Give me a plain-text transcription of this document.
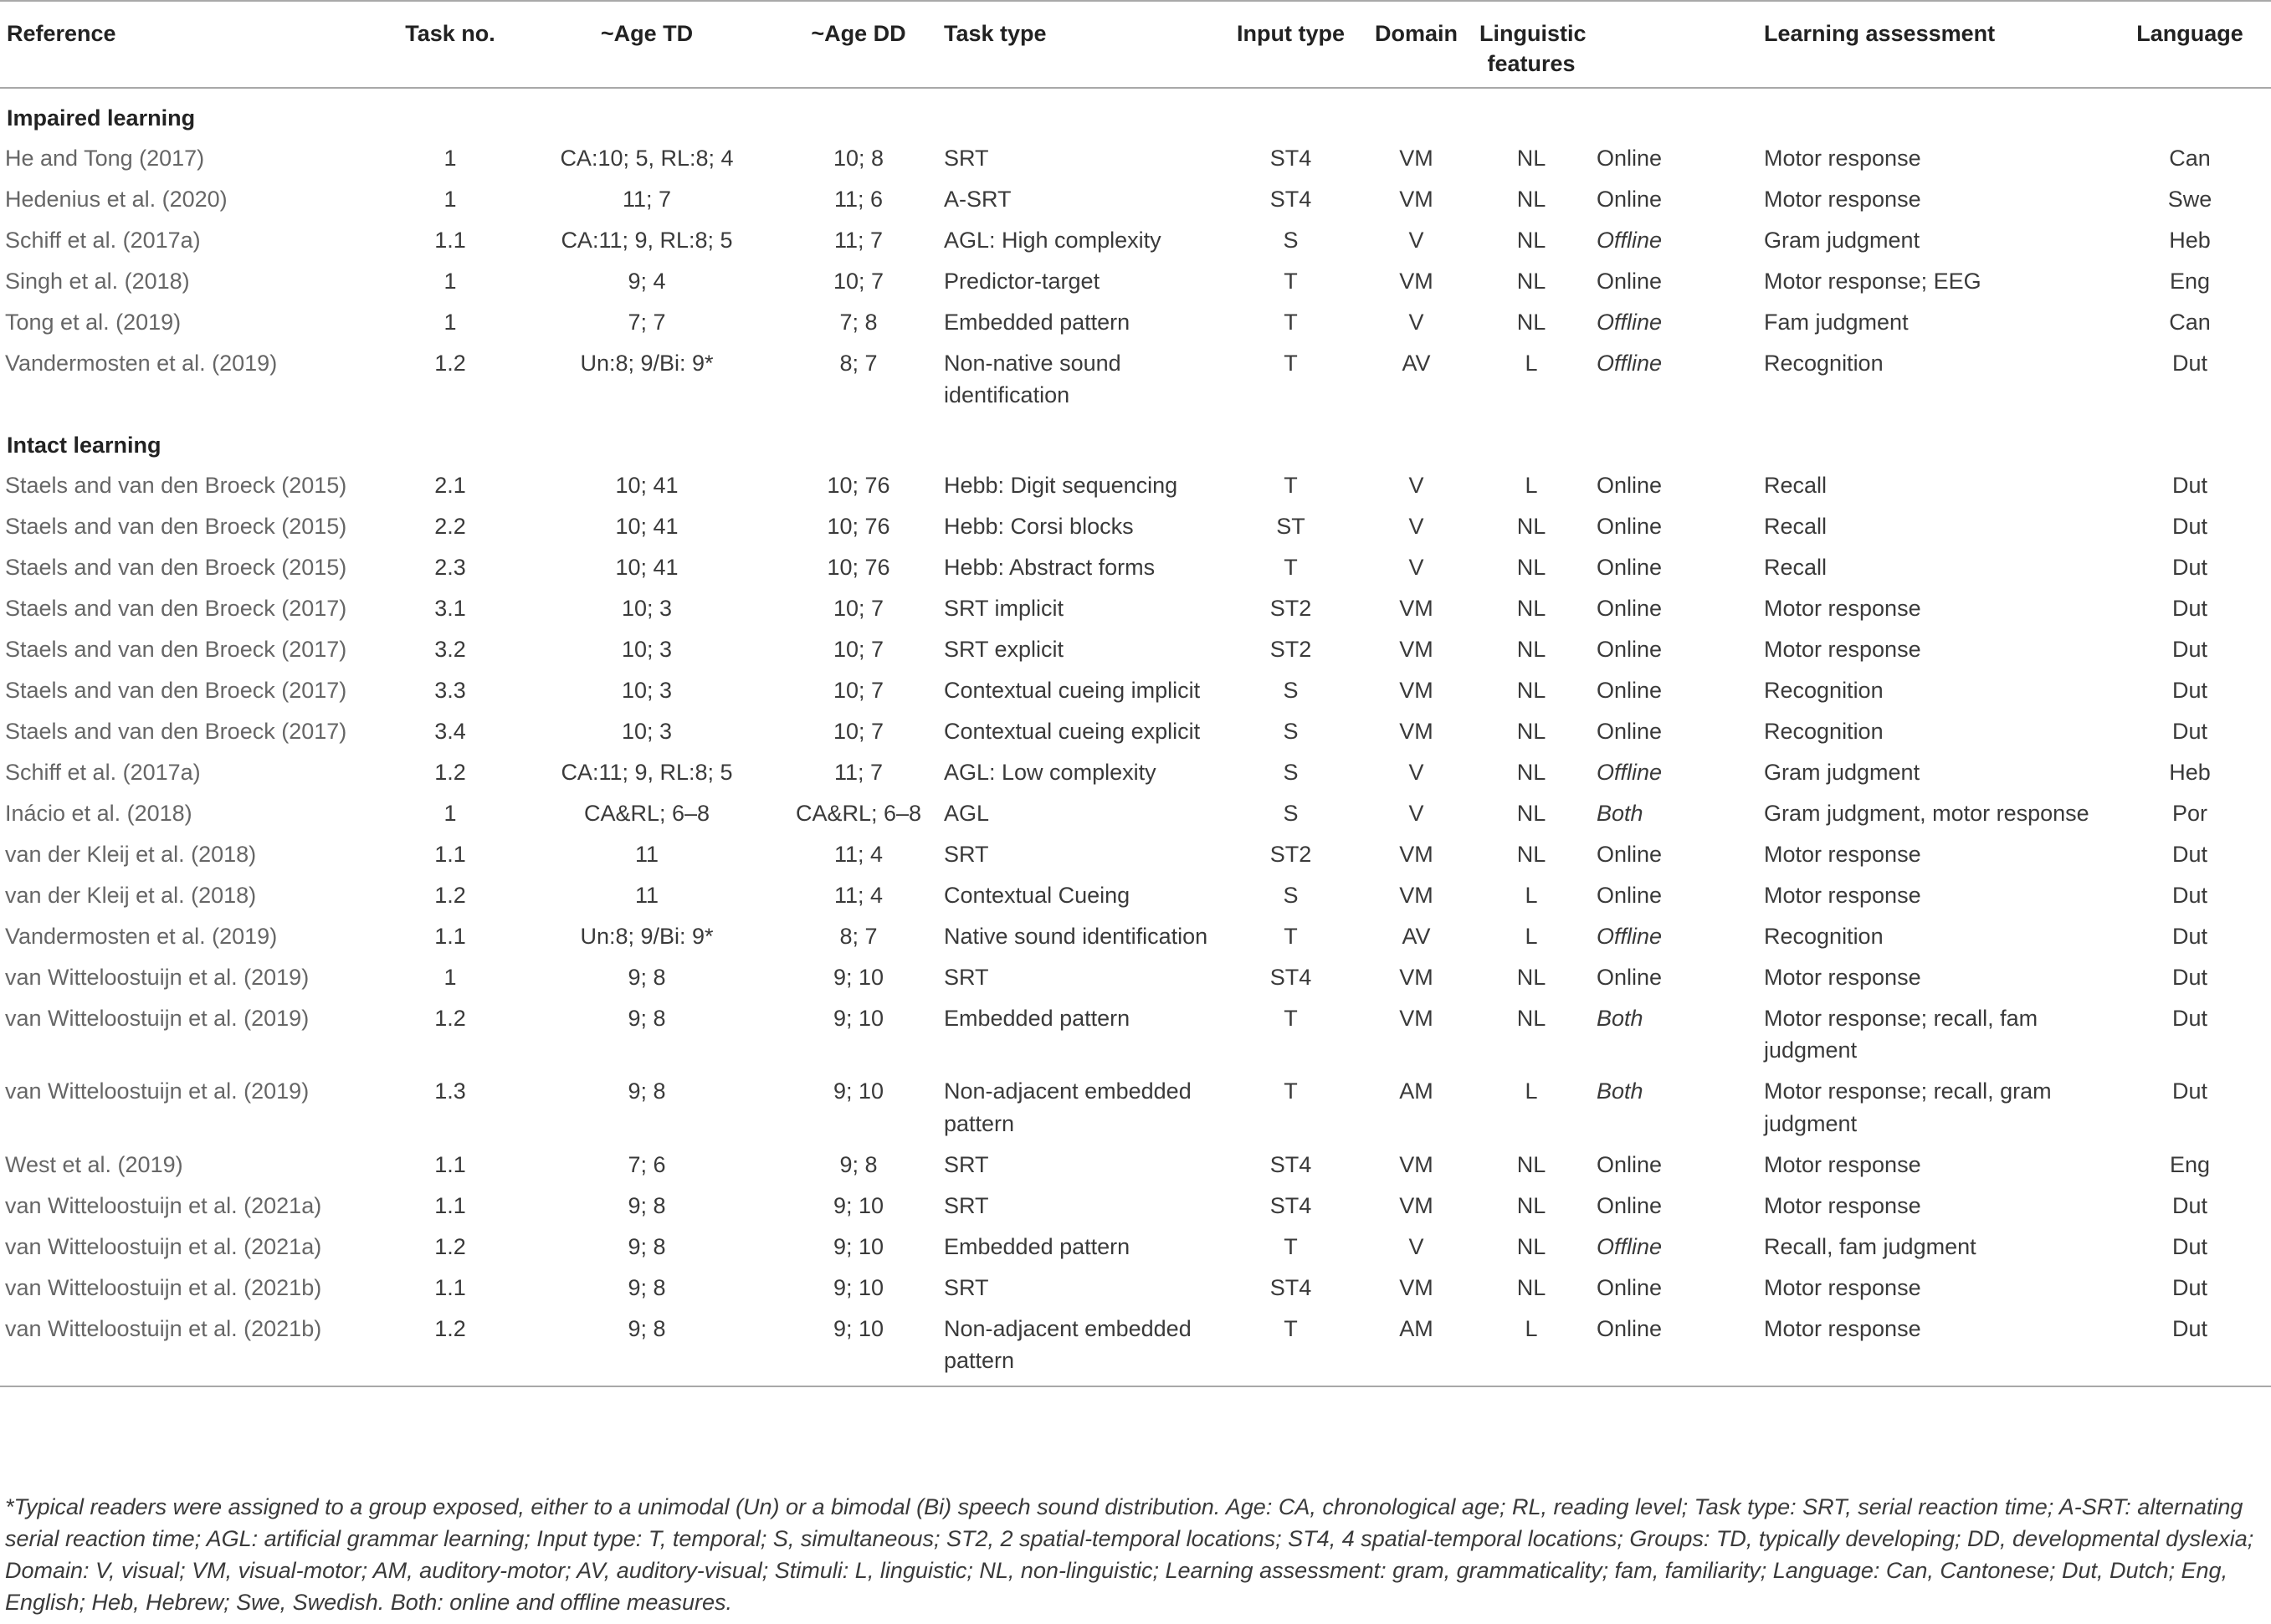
Reference	Task no.	~Age TD	~Age DD	Task type	Input type	Domain	Linguistic features		Learning assessment	Language
Impaired learning										
He and Tong (2017)	1	CA:10; 5, RL:8; 4	10; 8	SRT	ST4	VM	NL	Online	Motor response	Can
Hedenius et al. (2020)	1	11; 7	11; 6	A-SRT	ST4	VM	NL	Online	Motor response	Swe
Schiff et al. (2017a)	1.1	CA:11; 9, RL:8; 5	11; 7	AGL: High complexity	S	V	NL	Offline	Gram judgment	Heb
Singh et al. (2018)	1	9; 4	10; 7	Predictor-target	T	VM	NL	Online	Motor response; EEG	Eng
Tong et al. (2019)	1	7; 7	7; 8	Embedded pattern	T	V	NL	Offline	Fam judgment	Can
Vandermosten et al. (2019)	1.2	Un:8; 9/Bi: 9*	8; 7	Non-native sound identification	T	AV	L	Offline	Recognition	Dut
Intact learning										
Staels and van den Broeck (2015)	2.1	10; 41	10; 76	Hebb: Digit sequencing	T	V	L	Online	Recall	Dut
Staels and van den Broeck (2015)	2.2	10; 41	10; 76	Hebb: Corsi blocks	ST	V	NL	Online	Recall	Dut
Staels and van den Broeck (2015)	2.3	10; 41	10; 76	Hebb: Abstract forms	T	V	NL	Online	Recall	Dut
Staels and van den Broeck (2017)	3.1	10; 3	10; 7	SRT implicit	ST2	VM	NL	Online	Motor response	Dut
Staels and van den Broeck (2017)	3.2	10; 3	10; 7	SRT explicit	ST2	VM	NL	Online	Motor response	Dut
Staels and van den Broeck (2017)	3.3	10; 3	10; 7	Contextual cueing implicit	S	VM	NL	Online	Recognition	Dut
Staels and van den Broeck (2017)	3.4	10; 3	10; 7	Contextual cueing explicit	S	VM	NL	Online	Recognition	Dut
Schiff et al. (2017a)	1.2	CA:11; 9, RL:8; 5	11; 7	AGL: Low complexity	S	V	NL	Offline	Gram judgment	Heb
Inácio et al. (2018)	1	CA&RL; 6–8	CA&RL; 6–8	AGL	S	V	NL	Both	Gram judgment, motor response	Por
van der Kleij et al. (2018)	1.1	11	11; 4	SRT	ST2	VM	NL	Online	Motor response	Dut
van der Kleij et al. (2018)	1.2	11	11; 4	Contextual Cueing	S	VM	L	Online	Motor response	Dut
Vandermosten et al. (2019)	1.1	Un:8; 9/Bi: 9*	8; 7	Native sound identification	T	AV	L	Offline	Recognition	Dut
van Witteloostuijn et al. (2019)	1	9; 8	9; 10	SRT	ST4	VM	NL	Online	Motor response	Dut
van Witteloostuijn et al. (2019)	1.2	9; 8	9; 10	Embedded pattern	T	VM	NL	Both	Motor response; recall, fam judgment	Dut
van Witteloostuijn et al. (2019)	1.3	9; 8	9; 10	Non-adjacent embedded pattern	T	AM	L	Both	Motor response; recall, gram judgment	Dut
West et al. (2019)	1.1	7; 6	9; 8	SRT	ST4	VM	NL	Online	Motor response	Eng
van Witteloostuijn et al. (2021a)	1.1	9; 8	9; 10	SRT	ST4	VM	NL	Online	Motor response	Dut
van Witteloostuijn et al. (2021a)	1.2	9; 8	9; 10	Embedded pattern	T	V	NL	Offline	Recall, fam judgment	Dut
van Witteloostuijn et al. (2021b)	1.1	9; 8	9; 10	SRT	ST4	VM	NL	Online	Motor response	Dut
van Witteloostuijn et al. (2021b)	1.2	9; 8	9; 10	Non-adjacent embedded pattern	T	AM	L	Online	Motor response	Dut

*Typical readers were assigned to a group exposed, either to a unimodal (Un) or a bimodal (Bi) speech sound distribution. Age: CA, chronological age; RL, reading level; Task type: SRT, serial reaction time; A-SRT: alternating serial reaction time; AGL: artificial grammar learning; Input type: T, temporal; S, simultaneous; ST2, 2 spatial-temporal locations; ST4, 4 spatial-temporal locations; Groups: TD, typically developing; DD, developmental dyslexia; Domain: V, visual; VM, visual-motor; AM, auditory-motor; AV, auditory-visual; Stimuli: L, linguistic; NL, non-linguistic; Learning assessment: gram, grammaticality; fam, familiarity; Language: Can, Cantonese; Dut, Dutch; Eng, English; Heb, Hebrew; Swe, Swedish. Both: online and offline measures.
